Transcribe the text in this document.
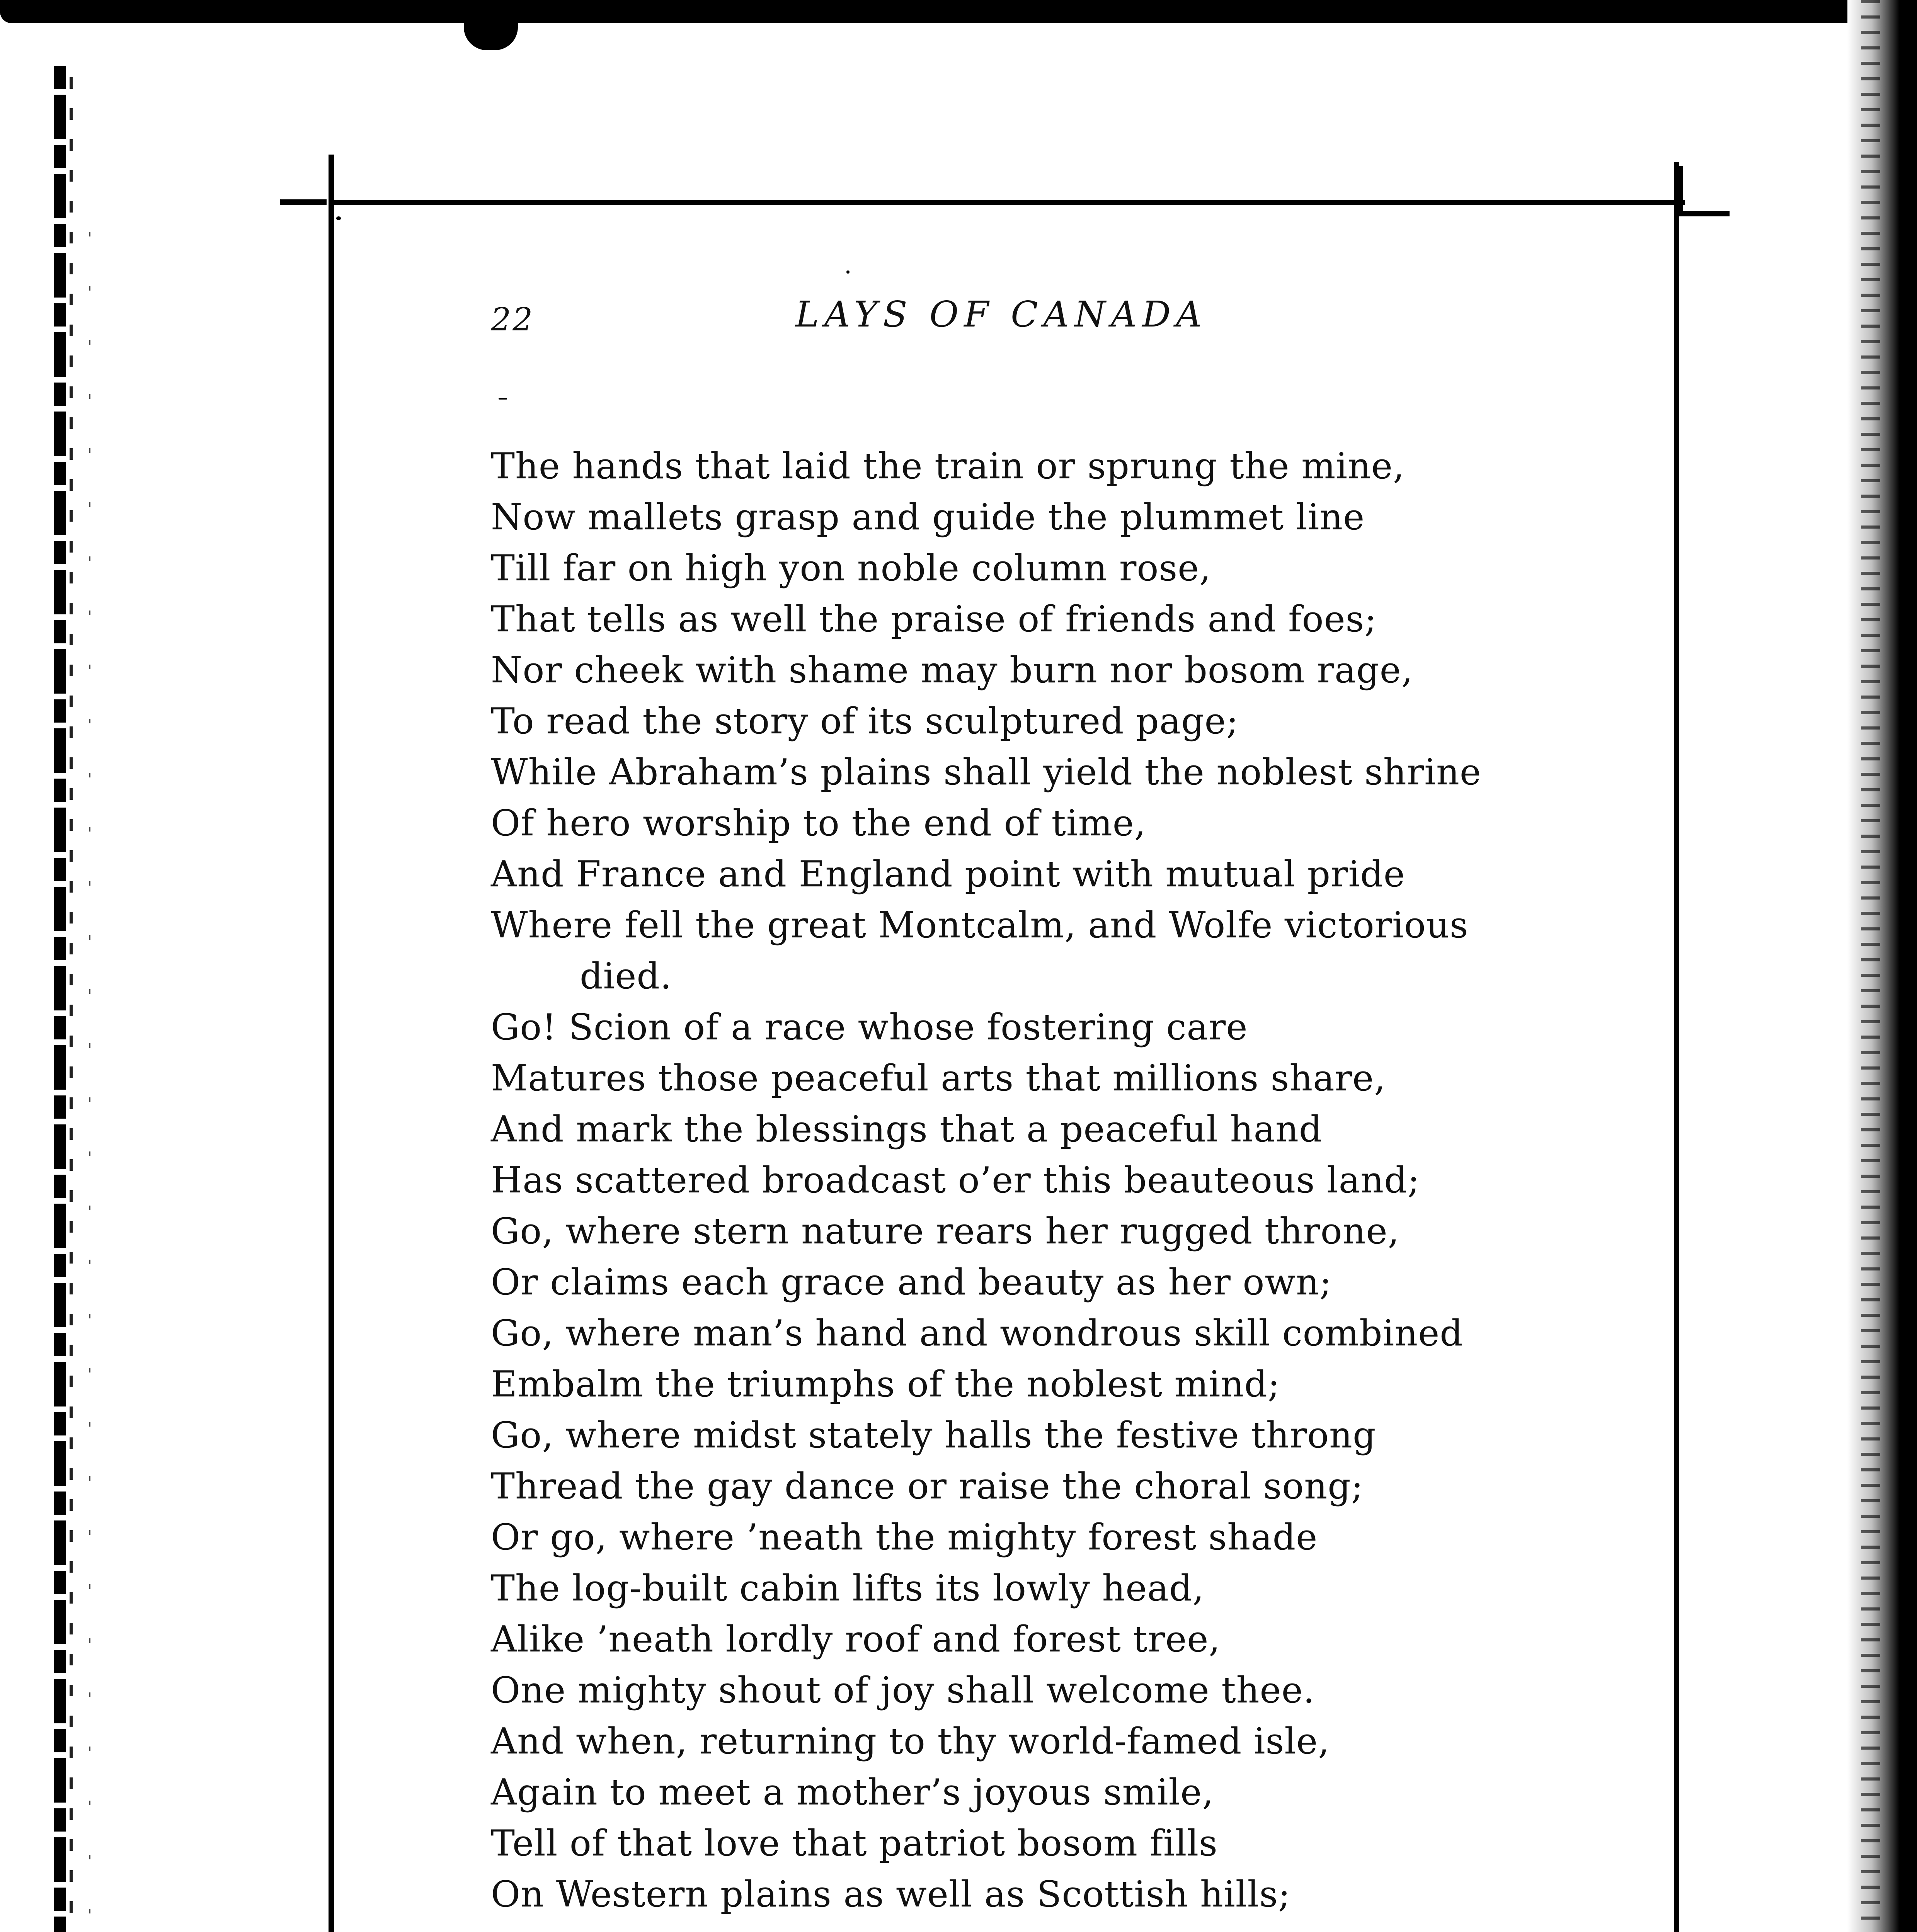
22	LAYS OF CANADA
The hands that laid the train or sprung the mine,
Now mallets grasp and guide the plummet line
Till far on high yon noble column rose,
That tells as well the praise of friends and foes;
Nor cheek with shame may burn nor bosom rage,
To read the story of its sculptured page;
While Abraham’s plains shall yield the noblest shrine
Of hero worship to the end of time,
And France and England point with mutual pride
Where fell the great Montcalm, and Wolfe victorious
died.
Go! Scion of a race whose fostering care
Matures those peaceful arts that millions share,
And mark the blessings that a peaceful hand
Has scattered broadcast o’er this beauteous land;
Go, where stern nature rears her rugged throne,
Or claims each grace and beauty as her own;
Go, where man’s hand and wondrous skill combined
Embalm the triumphs of the noblest mind;
Go, where midst stately halls the festive throng
Thread the gay dance or raise the choral song;
Or go, where ’neath the mighty forest shade
The log-built cabin lifts its lowly head,
Alike ’neath lordly roof and forest tree,
One mighty shout of joy shall welcome thee.
And when, returning to thy world-famed isle,
Again to meet a mother’s joyous smile,
Tell of that love that patriot bosom fills
On Western plains as well as Scottish hills;
